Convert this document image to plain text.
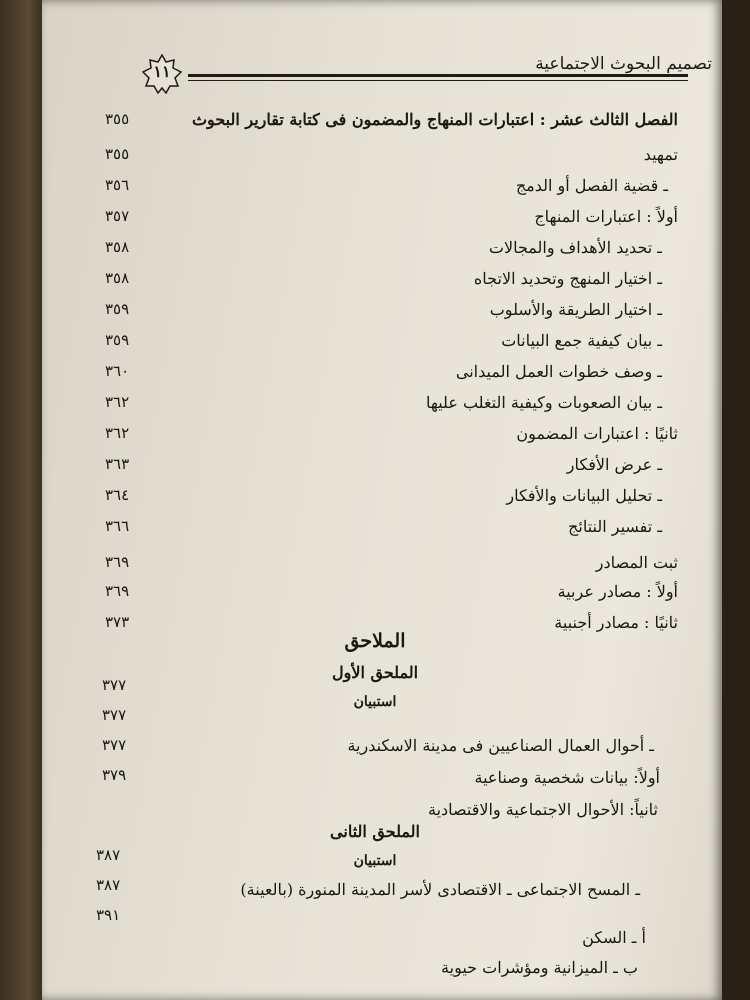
تصميم البحوث الاجتماعية
١١
الفصل الثالث عشر : اعتبارات المنهاج والمضمون فى كتابة تقارير البحوث
٣٥٥
تمهيد
٣٥٥
ـ قضية الفصل أو الدمج
٣٥٦
أولاً : اعتبارات المنهاج
٣٥٧
ـ تحديد الأهداف والمجالات
٣٥٨
ـ اختيار المنهج وتحديد الاتجاه
٣٥٨
ـ اختيار الطريقة والأسلوب
٣٥٩
ـ بيان كيفية جمع البيانات
٣٥٩
ـ وصف خطوات العمل الميدانى
٣٦٠
ـ بيان الصعوبات وكيفية التغلب عليها
٣٦٢
ثانيًا : اعتبارات المضمون
٣٦٢
ـ عرض الأفكار
٣٦٣
ـ تحليل البيانات والأفكار
٣٦٤
ـ تفسير النتائج
٣٦٦
ثبت المصادر
٣٦٩
أولاً : مصادر عربية
٣٦٩
ثانيًا : مصادر أجنبية
٣٧٣
الملاحق
الملحق الأول
استبيان
٣٧٧
٣٧٧
٣٧٧
٣٧٩
ـ أحوال العمال الصناعيين فى مدينة الاسكندرية
أولاً: بيانات شخصية وصناعية
ثانياً: الأحوال الاجتماعية والاقتصادية
الملحق الثانى
استبيان
٣٨٧
٣٨٧
٣٩١
ـ المسح الاجتماعى ـ الاقتصادى لأسر المدينة المنورة (بالعينة)
أ ـ السكن
ب ـ الميزانية ومؤشرات حيوية
